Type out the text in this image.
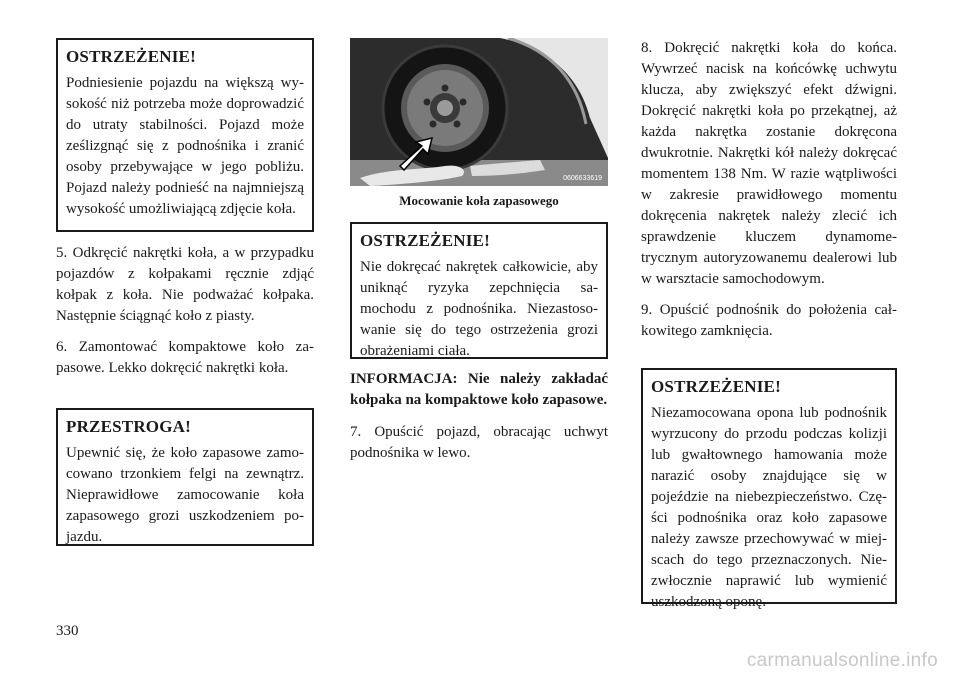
OSTRZEŻENIE!

Podniesienie pojazdu na większą wysokość niż potrzeba może doprowadzić do utraty stabilności. Pojazd może ześlizgnąć się z podnośnika i zranić osoby przebywające w jego pobliżu. Pojazd należy podnieść na najmniejszą wysokość umożliwiającą zdjęcie koła.

5. Odkręcić nakrętki koła, a w przypadku pojazdów z kołpakami ręcznie zdjąć kołpak z koła. Nie podważać kołpaka. Następnie ściągnąć koło z piasty.

6. Zamontować kompaktowe koło zapasowe. Lekko dokręcić nakrętki koła.

PRZESTROGA!

Upewnić się, że koło zapasowe zamocowano trzonkiem felgi na zewnątrz. Nieprawidłowe zamocowanie koła zapasowego grozi uszkodzeniem pojazdu.

0606633619

Mocowanie koła zapasowego

OSTRZEŻENIE!

Nie dokręcać nakrętek całkowicie, aby uniknąć ryzyka zepchnięcia samochodu z podnośnika. Niezastosowanie się do tego ostrzeżenia grozi obrażeniami ciała.

INFORMACJA: Nie należy zakładać kołpaka na kompaktowe koło zapasowe.

7. Opuścić pojazd, obracając uchwyt podnośnika w lewo.

8. Dokręcić nakrętki koła do końca. Wywrzeć nacisk na końcówkę uchwytu klucza, aby zwiększyć efekt dźwigni. Dokręcić nakrętki koła po przekątnej, aż każda nakrętka zostanie dokręcona dwukrotnie. Nakrętki kół należy dokręcać momentem 138 Nm. W razie wątpliwości w zakresie prawidłowego momentu dokręcenia nakrętek należy zlecić ich sprawdzenie kluczem dynamometrycznym autoryzowanemu dealerowi lub w warsztacie samochodowym.

9. Opuścić podnośnik do położenia całkowitego zamknięcia.

OSTRZEŻENIE!

Niezamocowana opona lub podnośnik wyrzucony do przodu podczas kolizji lub gwałtownego hamowania może narazić osoby znajdujące się w pojeździe na niebezpieczeństwo. Części podnośnika oraz koło zapasowe należy zawsze przechowywać w miejscach do tego przeznaczonych. Niezwłocznie naprawić lub wymienić uszkodzoną oponę.

330
carmanualsonline.info
